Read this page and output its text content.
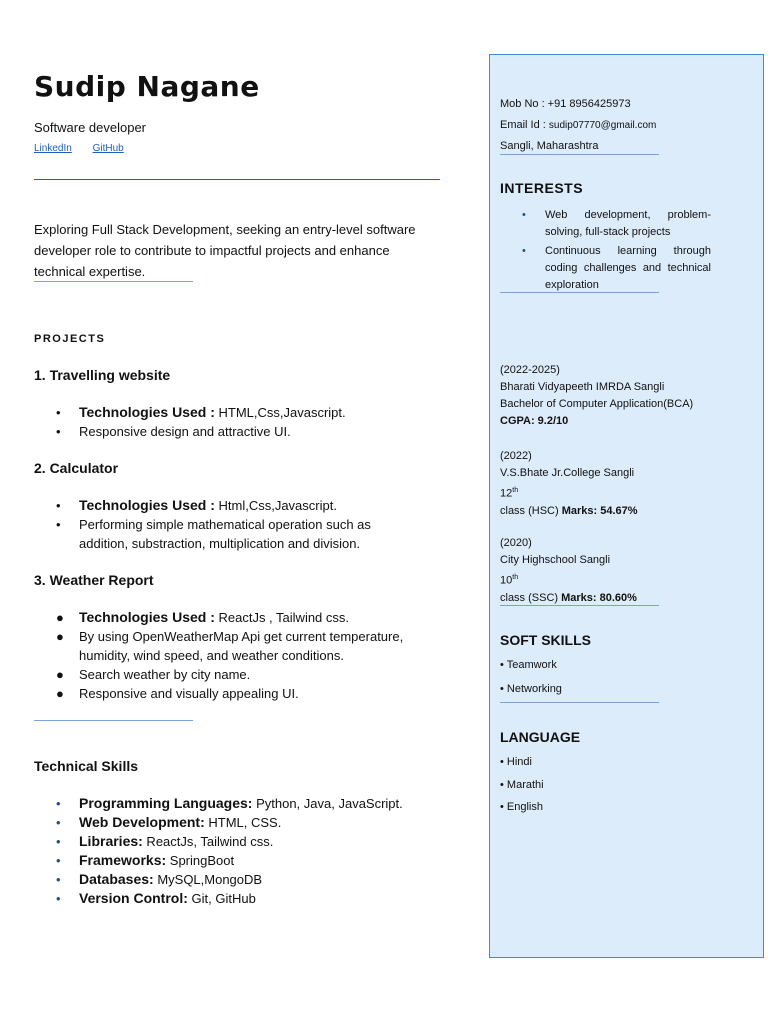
Sudip Nagane
Software developer
LinkedIn GitHub
Exploring Full Stack Development, seeking an entry-level software developer role to contribute to impactful projects and enhance technical expertise.
PROJECTS
1. Travelling website
• Technologies Used : HTML,Css,Javascript.
• Responsive design and attractive UI.
2. Calculator
• Technologies Used : Html,Css,Javascript.
• Performing simple mathematical operation such as addition, substraction, multiplication and division.
3. Weather Report
● Technologies Used : ReactJs , Tailwind css.
● By using OpenWeatherMap Api get current temperature, humidity, wind speed, and weather conditions.
● Search weather by city name.
● Responsive and visually appealing UI.
Technical Skills
• Programming Languages: Python, Java, JavaScript.
• Web Development: HTML, CSS.
• Libraries: ReactJs, Tailwind css.
• Frameworks: SpringBoot
• Databases: MySQL,MongoDB
• Version Control: Git, GitHub
Mob No : +91 8956425973
Email Id : sudip07770@gmail.com
Sangli, Maharashtra
INTERESTS
• Web development, problem-solving, full-stack projects
• Continuous learning through coding challenges and technical exploration
(2022-2025)
Bharati Vidyapeeth IMRDA Sangli
Bachelor of Computer Application(BCA)
CGPA: 9.2/10
(2022)
V.S.Bhate Jr.College Sangli
12th
class (HSC) Marks: 54.67%
(2020)
City Highschool Sangli
10th
class (SSC) Marks: 80.60%
SOFT SKILLS
• Teamwork
• Networking
LANGUAGE
• Hindi
• Marathi
• English
